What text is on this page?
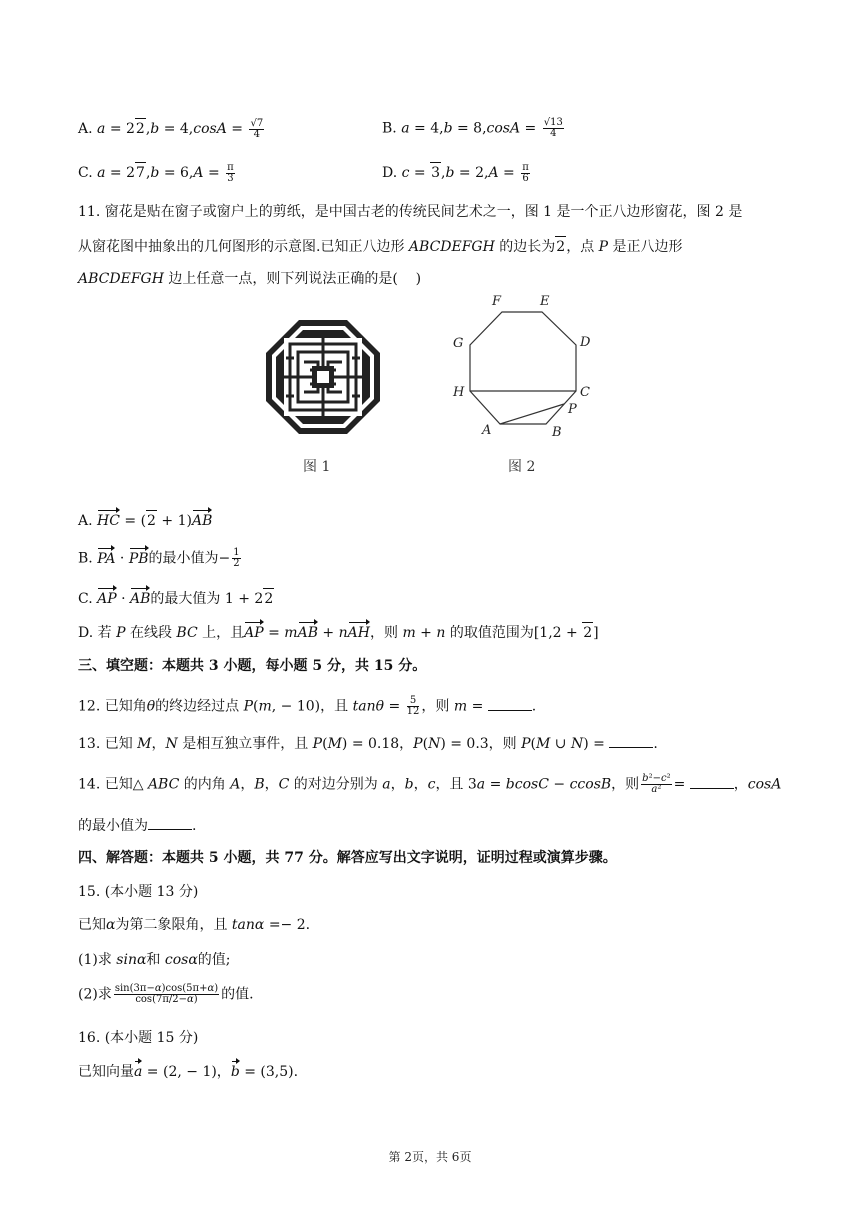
A. $a = 22,b = 4,\cos A = \frac{√7}{4}$	B. $a = 4,b = 8,\cos A = \frac{√13}{4}$
C. $a = 27,b = 6,A = \frac{\pi}{3}$	D. $c = 3,b = 2,A = \frac{\pi}{6}$
11. 窗花是贴在窗子或窗户上的剪纸，是中国古老的传统民间艺术之一，图 1 是一个正八边形窗花，图 2 是
从窗花图中抽象出的几何图形的示意图.已知正八边形 ABCDEFGH 的边长为2，点 P 是正八边形
ABCDEFGH 边上任意一点，则下列说法正确的是(    )
图 1
F	E
G	D
H	C
P
A	B
图 2
A. HC = (2 + 1)AB
B. PA · PB的最小值为− $\frac{1}{2}$
C. AP · AB的最大值为 1 + 22
D. 若 P 在线段 BC 上，且AP = mAB + nAH，则 m + n 的取值范围为[1,2 + 2]
三、填空题：本题共 3 小题，每小题 5 分，共 15 分。
12. 已知角θ的终边经过点 P(m, − 10)，且 $\tan\theta = \frac{5}{12}$ ，则 m =	.
13. 已知 M，N 是相互独立事件，且 P(M) = 0.18，P(N) = 0.3，则 P(M ∪ N) =	.
14. 已知△ ABC 的内角 A，B，C 的对边分别为 a，b，c，且 3a = bcosC − ccosB，则 $\frac{\text{b²−c²}}{\text{a²}}$ =	，cosA
的最小值为	.
四、解答题：本题共 5 小题，共 77 分。解答应写出文字说明，证明过程或演算步骤。
15. (本小题 13 分)
已知α为第二象限角，且 tanα =− 2.
(1)求 sinα和 cosα的值;
(2)求 $\frac{\sin(3\pi-\alpha)\cos(5\pi+\alpha)}{\cos(7\pi/2-\alpha)}$ 的值.
16. (本小题 15 分)
已知向量a = (2, − 1)，b = (3,5).
第 2页，共 6页
